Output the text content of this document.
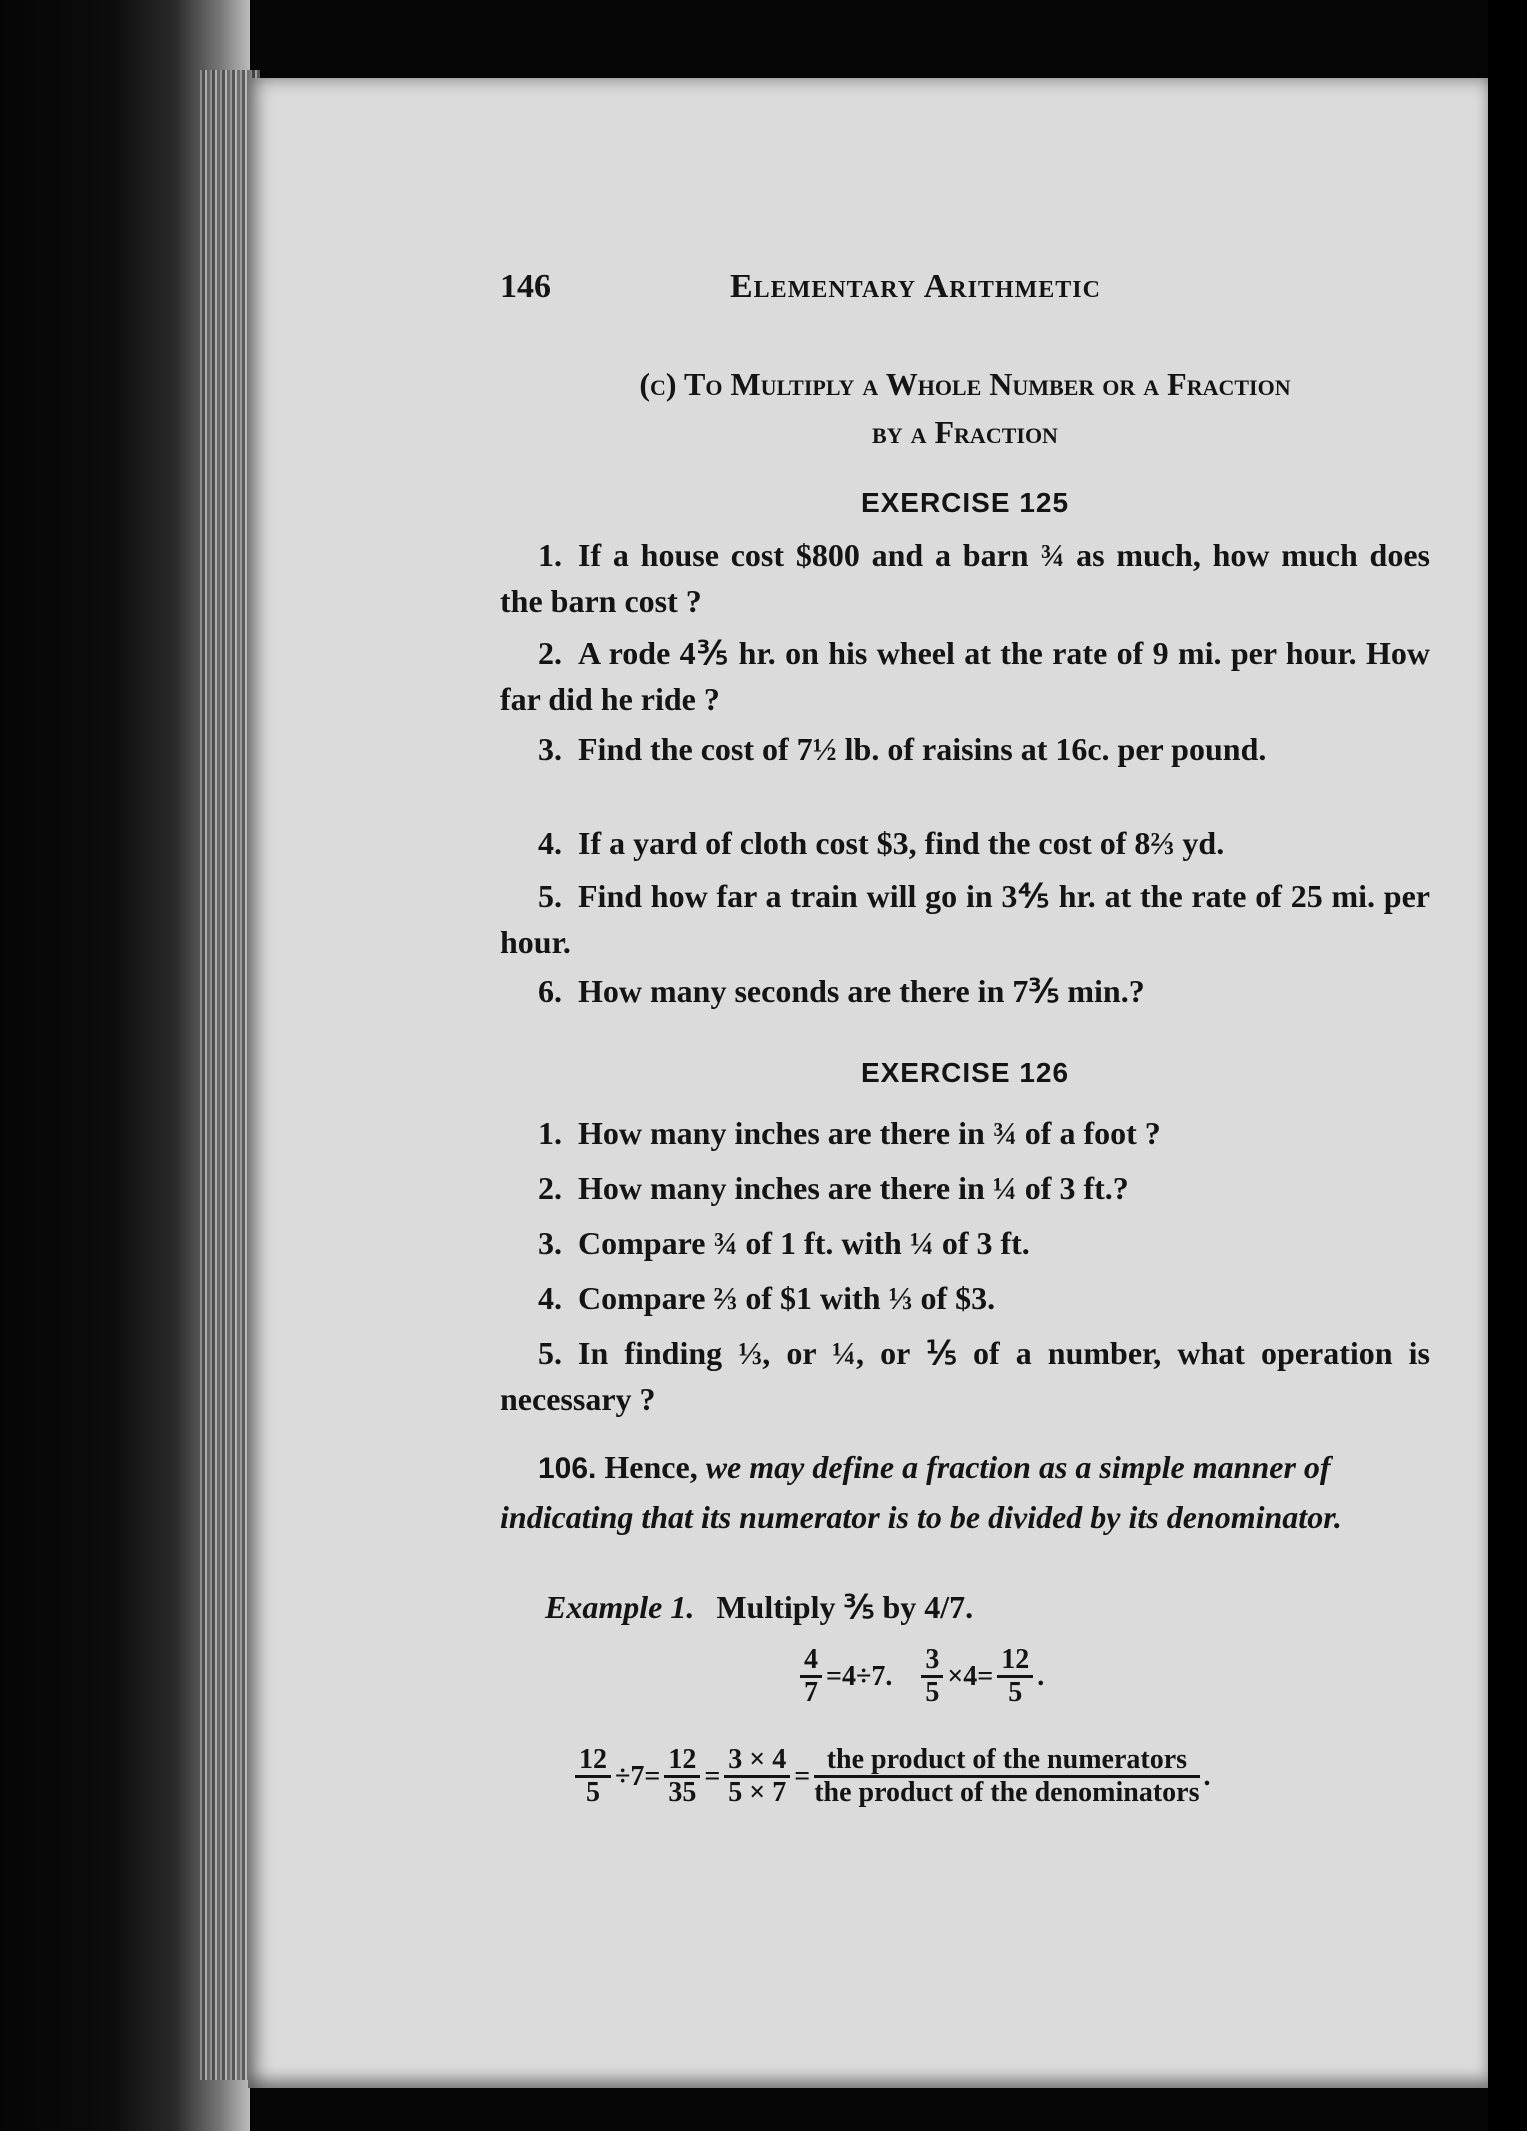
146	Elementary Arithmetic
(c) To Multiply a Whole Number or a Fraction
by a Fraction
EXERCISE 125
1. If a house cost $800 and a barn ¾ as much, how much does the barn cost ?
2. A rode 4⅗ hr. on his wheel at the rate of 9 mi. per hour. How far did he ride ?
3. Find the cost of 7½ lb. of raisins at 16c. per pound.
4. If a yard of cloth cost $3, find the cost of 8⅔ yd.
5. Find how far a train will go in 3⅘ hr. at the rate of 25 mi. per hour.
6. How many seconds are there in 7⅗ min.?
EXERCISE 126
1. How many inches are there in ¾ of a foot ?
2. How many inches are there in ¼ of 3 ft.?
3. Compare ¾ of 1 ft. with ¼ of 3 ft.
4. Compare ⅔ of $1 with ⅓ of $3.
5. In finding ⅓, or ¼, or ⅕ of a number, what operation is necessary ?
106. Hence, we may define a fraction as a simple manner of indicating that its numerator is to be divided by its denominator.
Example 1. Multiply ⅗ by 4/7.
$\frac{4}{7} =4\div 7$. $\frac{3}{5} \times 4= \frac{12}{5}$ .
$\frac{12}{5} \div 7= \frac{12}{35} = \frac{3 \times 4}{5 \times 7}$ =
the product of the numerators
the product of the denominators
.
